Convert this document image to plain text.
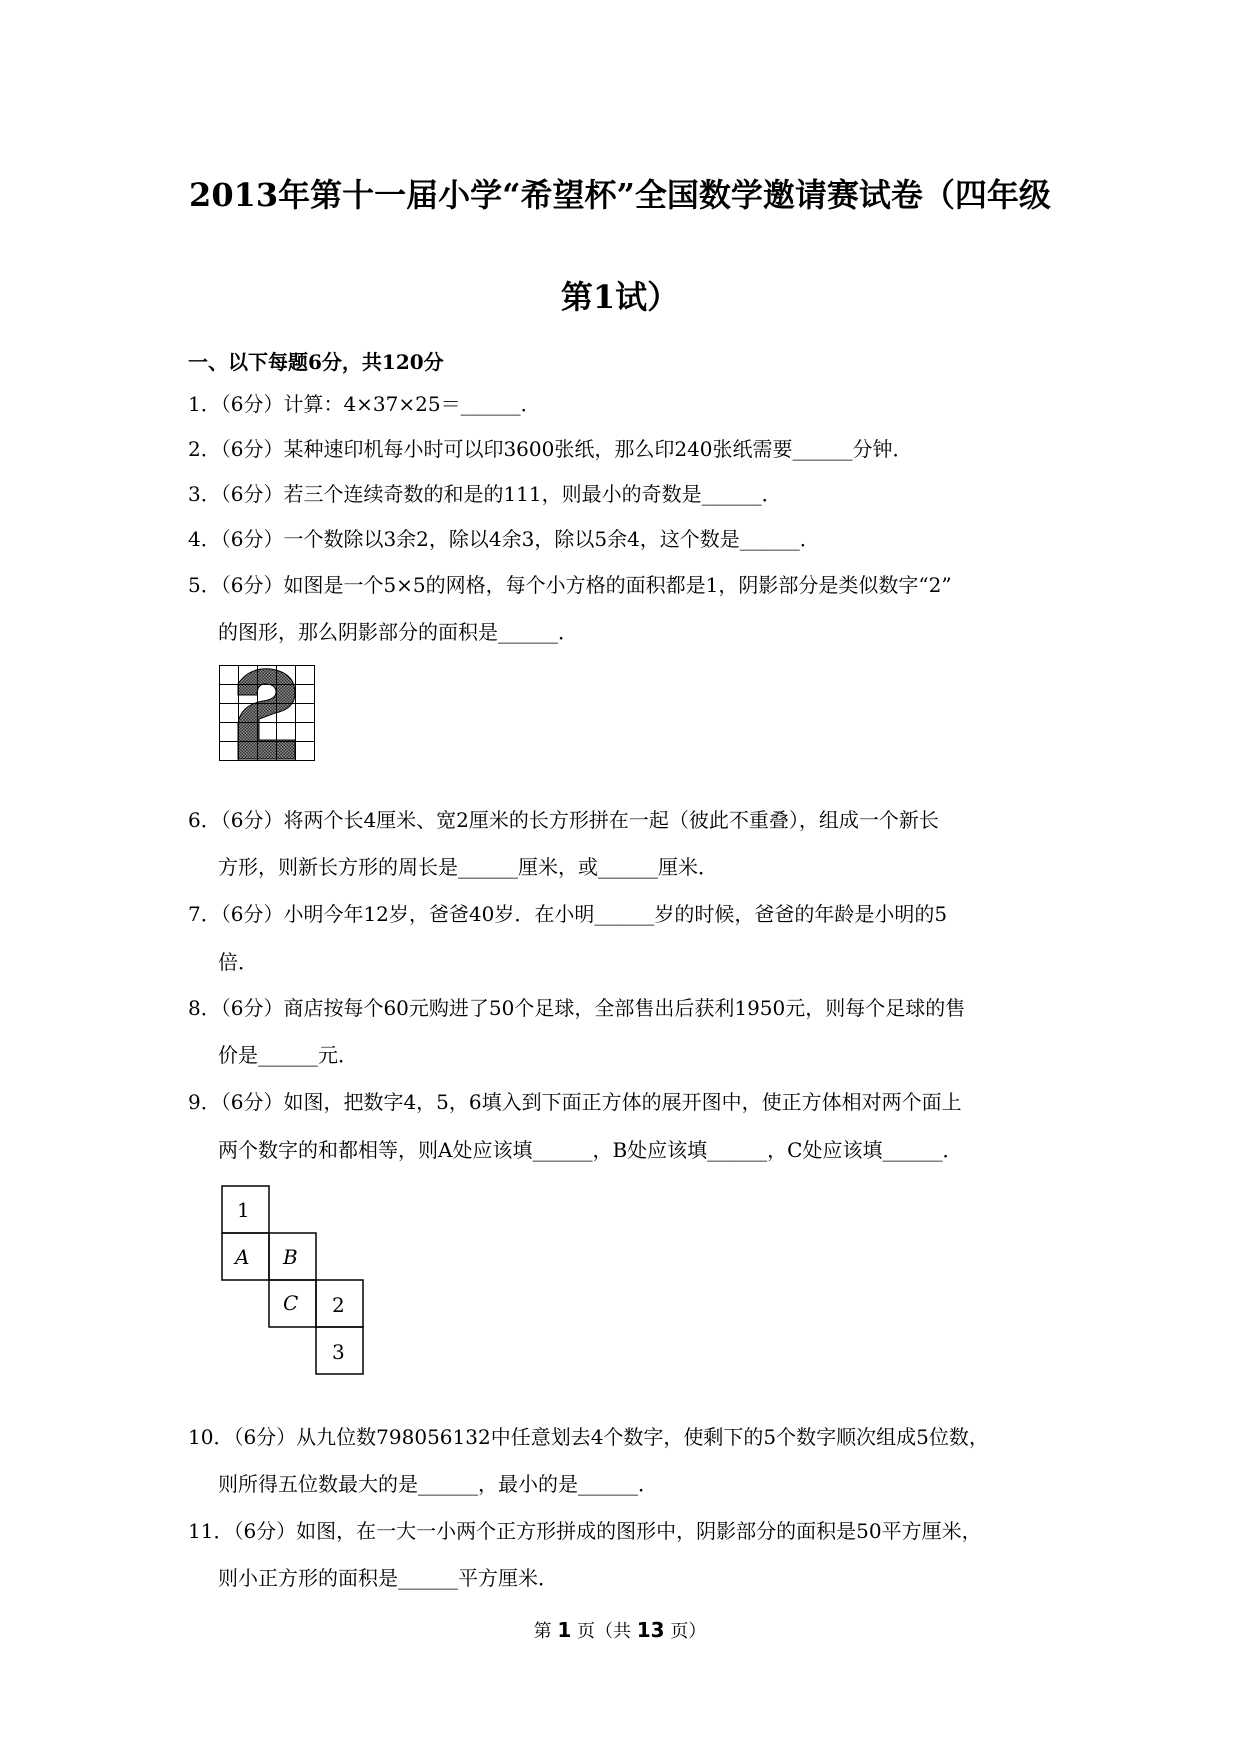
2013年第十一届小学“希望杯”全国数学邀请赛试卷（四年级
第1试）
一、以下每题6分，共120分
1．（6分）计算：4×37×25＝______．
2．（6分）某种速印机每小时可以印3600张纸，那么印240张纸需要______分钟．
3．（6分）若三个连续奇数的和是的111，则最小的奇数是______．
4．（6分）一个数除以3余2，除以4余3，除以5余4，这个数是______．
5．（6分）如图是一个5×5的网格，每个小方格的面积都是1，阴影部分是类似数字“2”
的图形，那么阴影部分的面积是______．
6．（6分）将两个长4厘米、宽2厘米的长方形拼在一起（彼此不重叠），组成一个新长
方形，则新长方形的周长是______厘米，或______厘米．
7．（6分）小明今年12岁，爸爸40岁．在小明______岁的时候，爸爸的年龄是小明的5
倍．
8．（6分）商店按每个60元购进了50个足球，全部售出后获利1950元，则每个足球的售
价是______元．
9．（6分）如图，把数字4，5，6填入到下面正方体的展开图中，使正方体相对两个面上
两个数字的和都相等，则A处应该填______，B处应该填______，C处应该填______．
1
A B
C 2
3
10．（6分）从九位数798056132中任意划去4个数字，使剩下的5个数字顺次组成5位数，
则所得五位数最大的是______，最小的是______．
11．（6分）如图，在一大一小两个正方形拼成的图形中，阴影部分的面积是50平方厘米，
则小正方形的面积是______平方厘米．
第 1 页（共 13 页）
